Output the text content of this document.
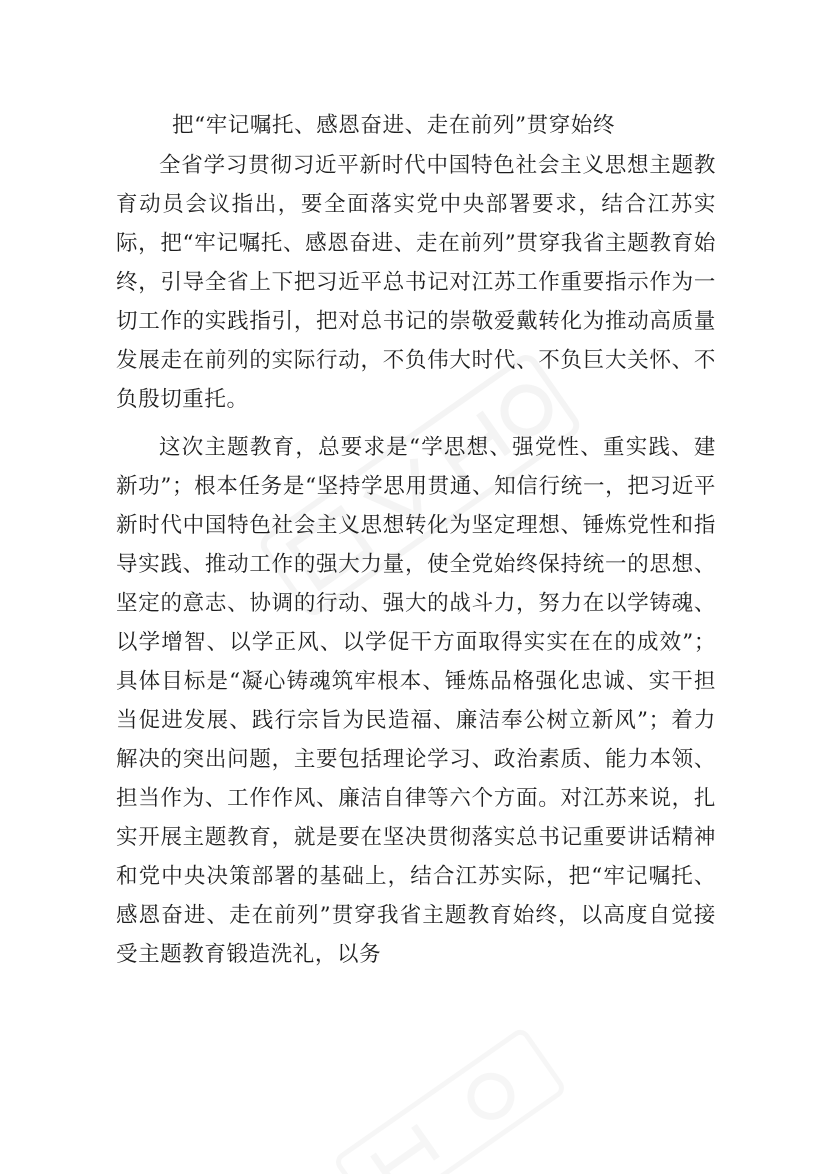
把“牢记嘱托、感恩奋进、走在前列”贯穿始终

全省学习贯彻习近平新时代中国特色社会主义思想主题教育动员会议指出，要全面落实党中央部署要求，结合江苏实际，把“牢记嘱托、感恩奋进、走在前列”贯穿我省主题教育始终，引导全省上下把习近平总书记对江苏工作重要指示作为一切工作的实践指引，把对总书记的崇敬爱戴转化为推动高质量发展走在前列的实际行动，不负伟大时代、不负巨大关怀、不负殷切重托。

这次主题教育，总要求是“学思想、强党性、重实践、建新功”；根本任务是“坚持学思用贯通、知信行统一，把习近平新时代中国特色社会主义思想转化为坚定理想、锤炼党性和指导实践、推动工作的强大力量，使全党始终保持统一的思想、坚定的意志、协调的行动、强大的战斗力，努力在以学铸魂、以学增智、以学正风、以学促干方面取得实实在在的成效”；具体目标是“凝心铸魂筑牢根本、锤炼品格强化忠诚、实干担当促进发展、践行宗旨为民造福、廉洁奉公树立新风”；着力解决的突出问题，主要包括理论学习、政治素质、能力本领、担当作为、工作作风、廉洁自律等六个方面。对江苏来说，扎实开展主题教育，就是要在坚决贯彻落实总书记重要讲话精神和党中央决策部署的基础上，结合江苏实际，把“牢记嘱托、感恩奋进、走在前列”贯穿我省主题教育始终，以高度自觉接受主题教育锻造洗礼，以务
